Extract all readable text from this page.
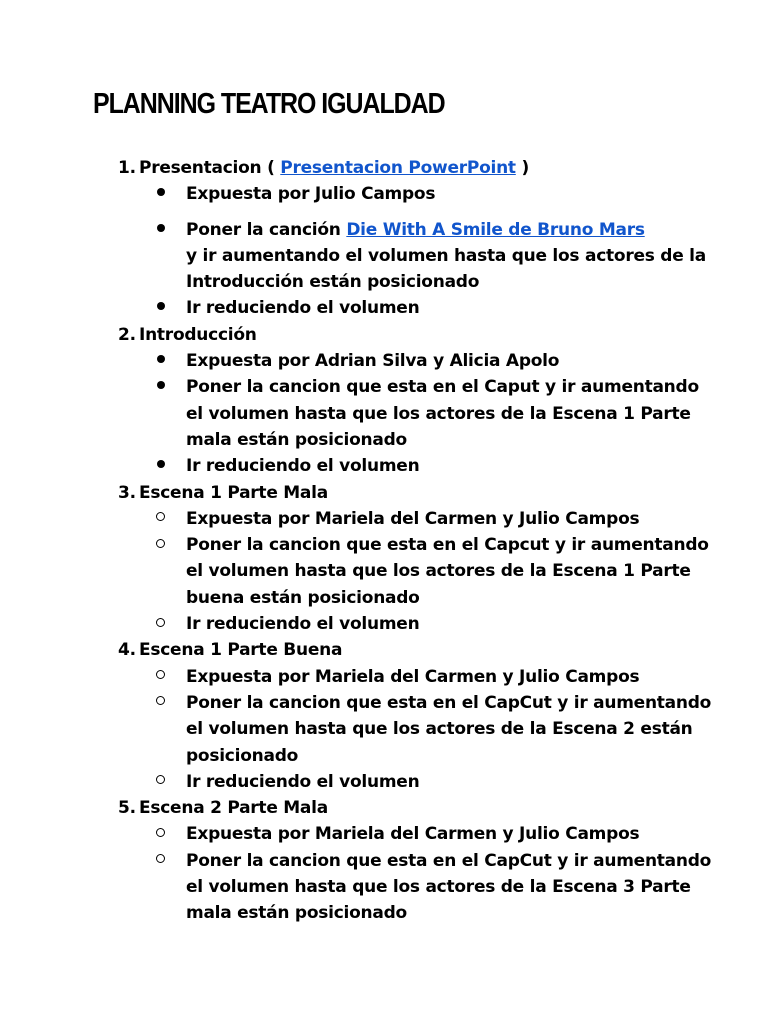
PLANNING TEATRO IGUALDAD
1. Presentacion ( Presentacion PowerPoint )
Expuesta por Julio Campos
Poner la canción Die With A Smile de Bruno Mars
y ir aumentando el volumen hasta que los actores de la Introducción están posicionado
Ir reduciendo el volumen
2. Introducción
Expuesta por Adrian Silva y Alicia Apolo
Poner la cancion que esta en el Caput y ir aumentando el volumen hasta que los actores de la Escena 1 Parte mala están posicionado
Ir reduciendo el volumen
3. Escena 1 Parte Mala
Expuesta por Mariela del Carmen y Julio Campos
Poner la cancion que esta en el Capcut y ir aumentando el volumen hasta que los actores de la Escena 1 Parte buena están posicionado
Ir reduciendo el volumen
4. Escena 1 Parte Buena
Expuesta por Mariela del Carmen y Julio Campos
Poner la cancion que esta en el CapCut y ir aumentando el volumen hasta que los actores de la Escena 2 están posicionado
Ir reduciendo el volumen
5. Escena 2 Parte Mala
Expuesta por Mariela del Carmen y Julio Campos
Poner la cancion que esta en el CapCut y ir aumentando el volumen hasta que los actores de la Escena 3 Parte mala están posicionado
